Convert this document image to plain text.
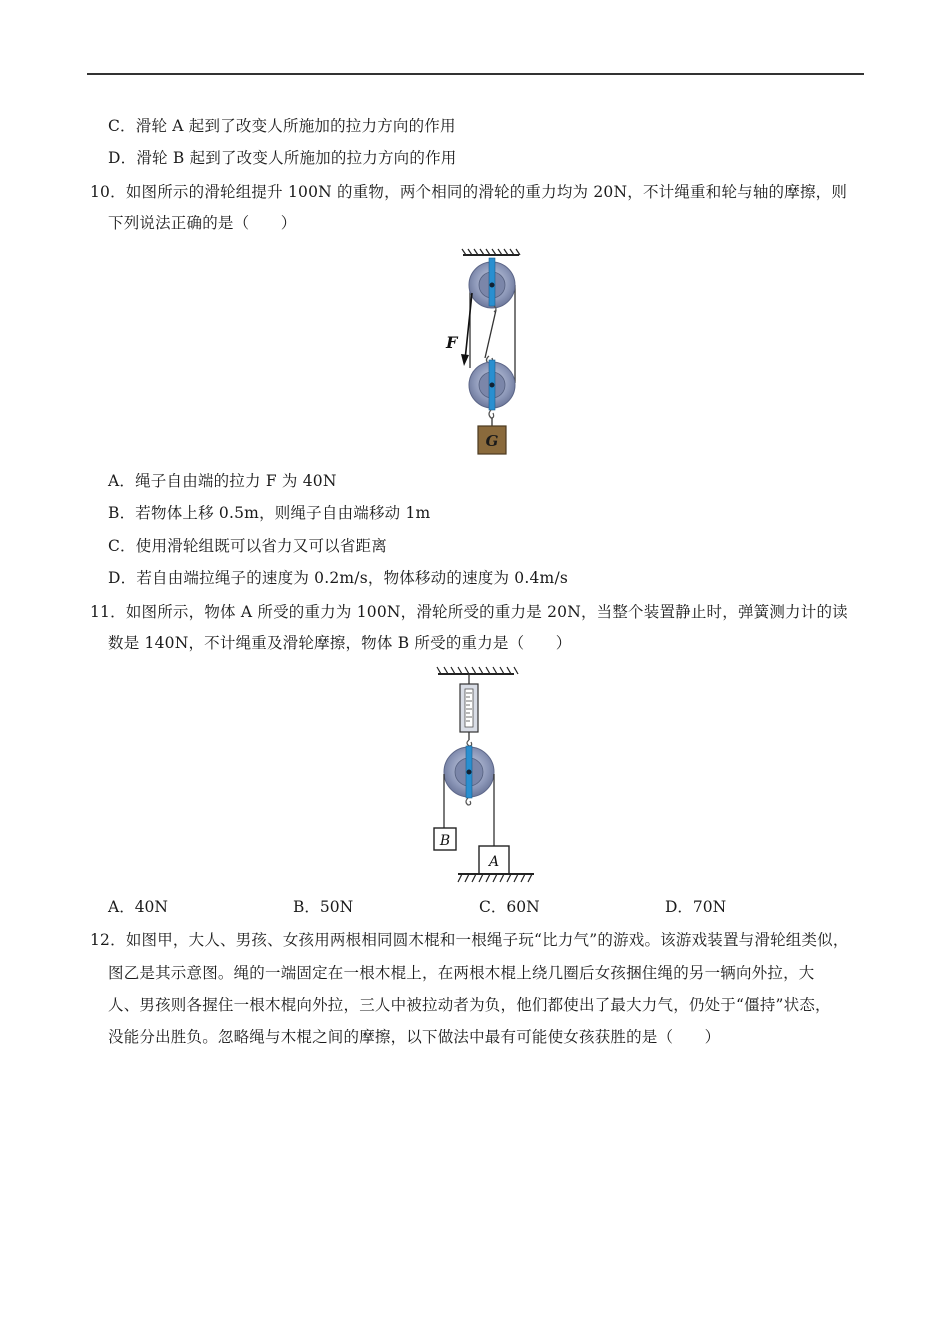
C．滑轮 A 起到了改变人所施加的拉力方向的作用
D．滑轮 B 起到了改变人所施加的拉力方向的作用
10．如图所示的滑轮组提升 100N 的重物，两个相同的滑轮的重力均为 20N，不计绳重和轮与轴的摩擦，则
下列说法正确的是（　　）
F
G
A．绳子自由端的拉力 F 为 40N
B．若物体上移 0.5m，则绳子自由端移动 1m
C．使用滑轮组既可以省力又可以省距离
D．若自由端拉绳子的速度为 0.2m/s，物体移动的速度为 0.4m/s
11．如图所示，物体 A 所受的重力为 100N，滑轮所受的重力是 20N，当整个装置静止时，弹簧测力计的读
数是 140N，不计绳重及滑轮摩擦，物体 B 所受的重力是（　　）
B
A
A．40N	B．50N	C．60N	D．70N
12．如图甲，大人、男孩、女孩用两根相同圆木棍和一根绳子玩“比力气”的游戏。该游戏装置与滑轮组类似，
图乙是其示意图。绳的一端固定在一根木棍上，在两根木棍上绕几圈后女孩捆住绳的另一辆向外拉，大
人、男孩则各握住一根木棍向外拉，三人中被拉动者为负，他们都使出了最大力气，仍处于“僵持”状态，
没能分出胜负。忽略绳与木棍之间的摩擦，以下做法中最有可能使女孩获胜的是（　　）
